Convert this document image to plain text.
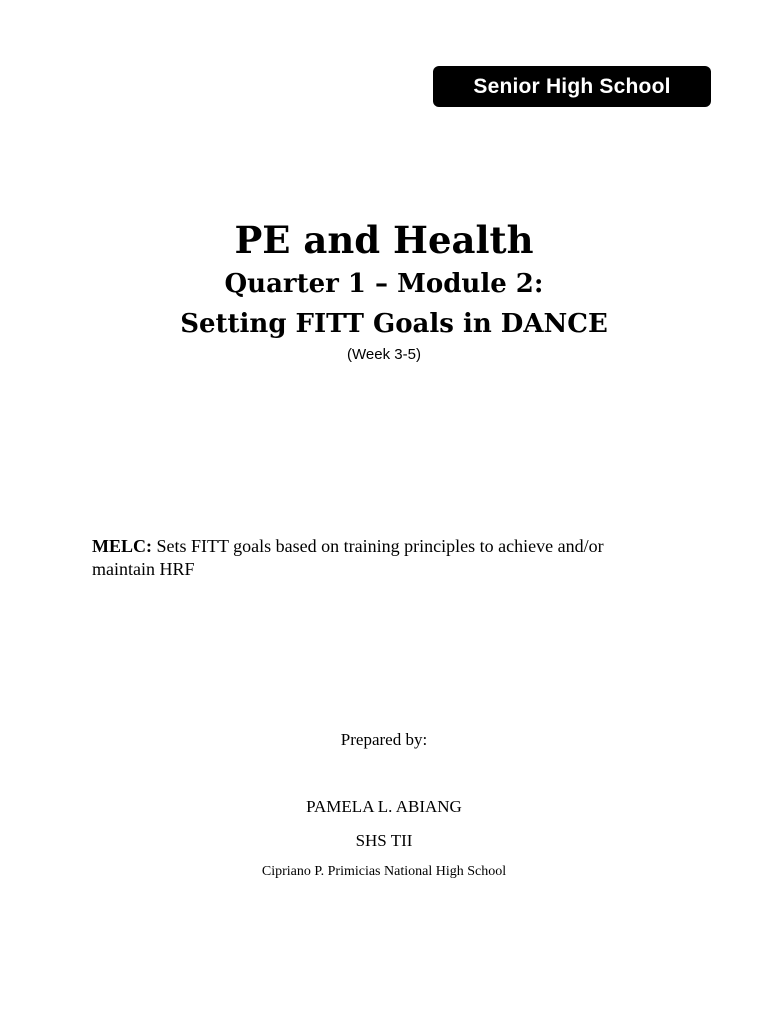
Senior High School
PE and Health
Quarter 1 – Module 2:
Setting FITT Goals in DANCE

(Week 3-5)

MELC: Sets FITT goals based on training principles to achieve and/or maintain HRF

Prepared by:

PAMELA L. ABIANG

SHS TII

Cipriano P. Primicias National High School
